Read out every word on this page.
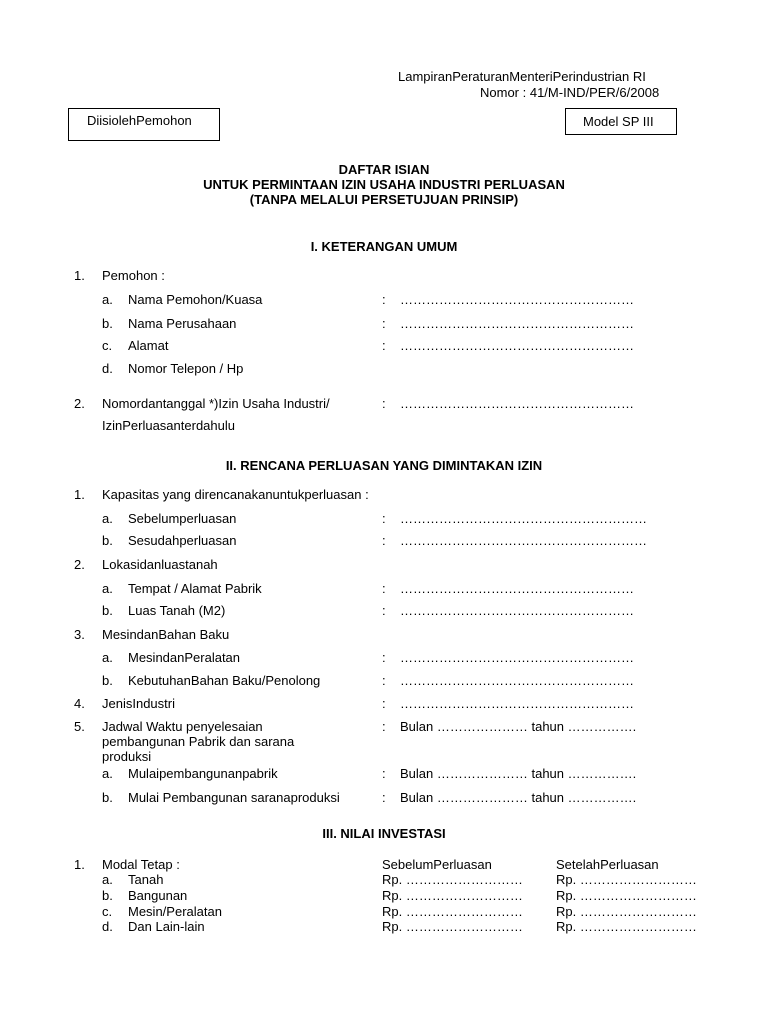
LampiranPeraturanMenteriPerindustrian RI
Nomor : 41/M-IND/PER/6/2008
DiisiolehPemohon	Model SP III
DAFTAR ISIAN
UNTUK PERMINTAAN IZIN USAHA INDUSTRI PERLUASAN
(TANPA MELALUI PERSETUJUAN PRINSIP)
I. KETERANGAN UMUM
1. Pemohon :
a. Nama Pemohon/Kuasa	: ………………………………………………
b. Nama Perusahaan	: ………………………………………………
c. Alamat	: ………………………………………………
d. Nomor Telepon / Hp
2. Nomordantanggal *)Izin Usaha Industri/
IzinPerluasanterdahulu
: ………………………………………………
II. RENCANA PERLUASAN YANG DIMINTAKAN IZIN
1. Kapasitas yang direncanakanuntukperluasan :
a. Sebelumperluasan	: …………………………………………………
b. Sesudahperluasan	: …………………………………………………
2. Lokasidanluastanah
a. Tempat / Alamat Pabrik	: ………………………………………………
b. Luas Tanah (M2)	: ………………………………………………
3. MesindanBahan Baku
a. MesindanPeralatan	: ………………………………………………
b. KebutuhanBahan Baku/Penolong	: ………………………………………………
4. JenisIndustri	: ………………………………………………
5. Jadwal Waktu penyelesaian
pembangunan Pabrik dan sarana
produksi
: Bulan ………………… tahun …………….
a. Mulaipembangunanpabrik	: Bulan ………………… tahun …………….
b. Mulai Pembangunan saranaproduksi	: Bulan ………………… tahun …………….
III. NILAI INVESTASI
1. Modal Tetap :	SebelumPerluasan	SetelahPerluasan
a. Tanah	Rp. ………………………	Rp. ………………………
b. Bangunan	Rp. ………………………	Rp. ………………………
c. Mesin/Peralatan	Rp. ………………………	Rp. ………………………
d. Dan Lain-lain	Rp. ………………………	Rp. ………………………
